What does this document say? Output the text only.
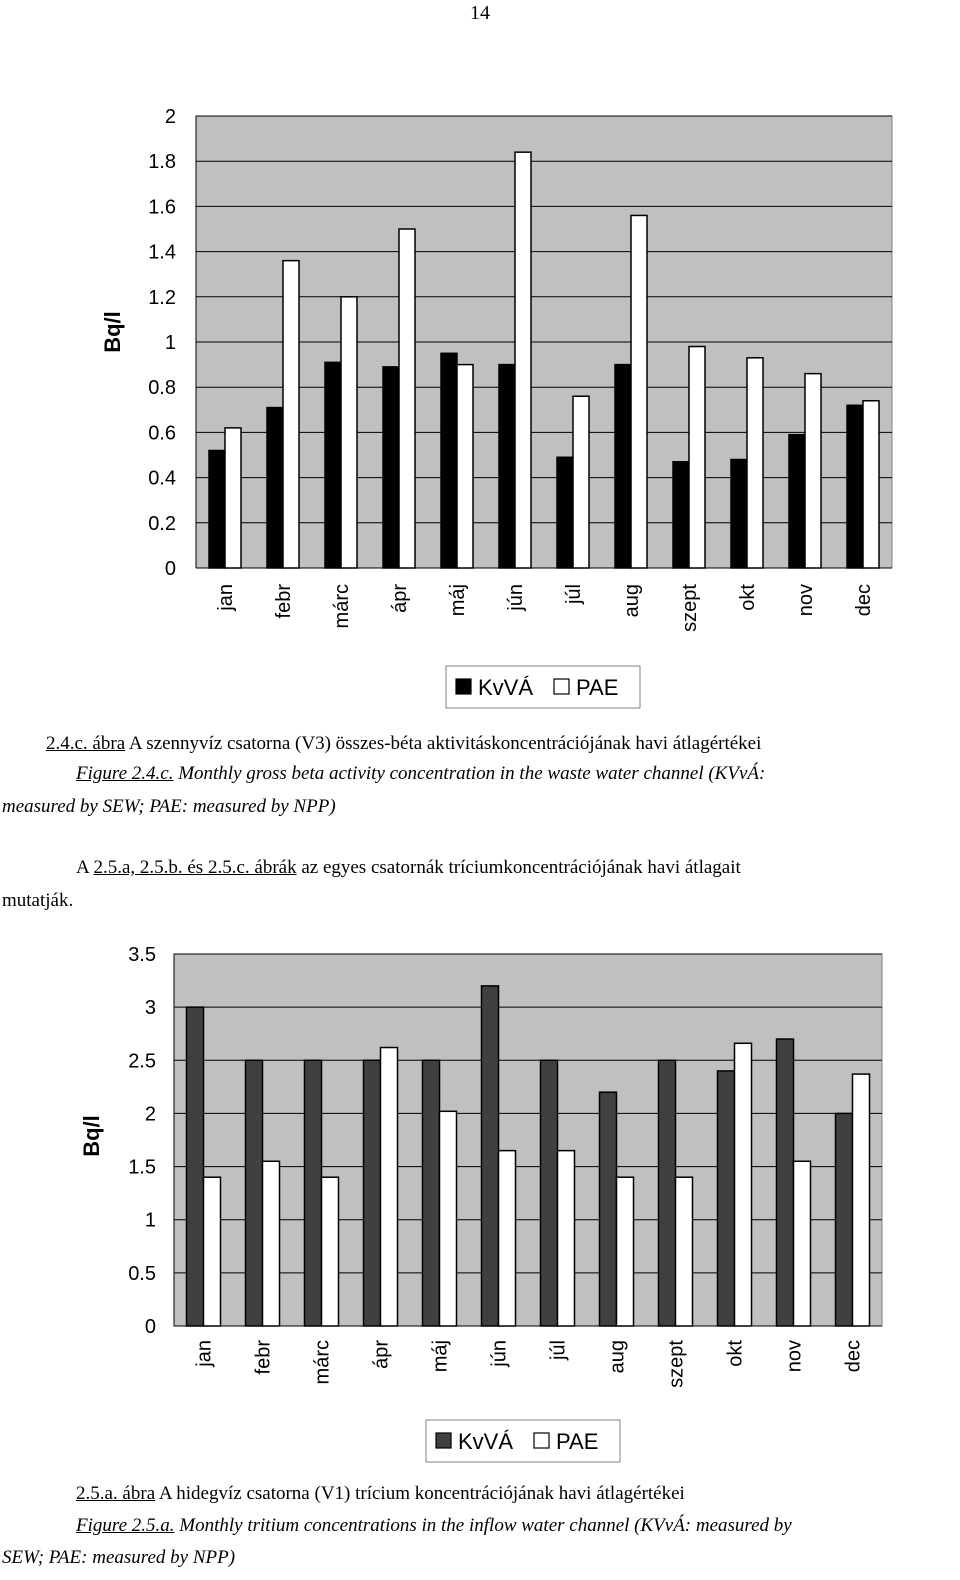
14
0
0.2
0.4
0.6
0.8
1
1.2
1.4
1.6
1.8
2
Bq/l
jan febr márc ápr máj jún júl aug szept okt nov dec
KvVÁ PAE
0
0.5
1
1.5
2
2.5
3
3.5
Bq/l
jan febr márc ápr máj jún júl aug szept okt nov dec
KvVÁ PAE
2.4.c. ábra A szennyvíz csatorna (V3) összes-béta aktivitáskoncentrációjának havi átlagértékei
Figure 2.4.c. Monthly gross beta activity concentration in the waste water channel (KVvÁ:
measured by SEW; PAE: measured by NPP)
A 2.5.a, 2.5.b. és 2.5.c. ábrák az egyes csatornák tríciumkoncentrációjának havi átlagait
mutatják.
2.5.a. ábra A hidegvíz csatorna (V1) trícium koncentrációjának havi átlagértékei
Figure 2.5.a. Monthly tritium concentrations in the inflow water channel (KVvÁ: measured by
SEW; PAE: measured by NPP)
